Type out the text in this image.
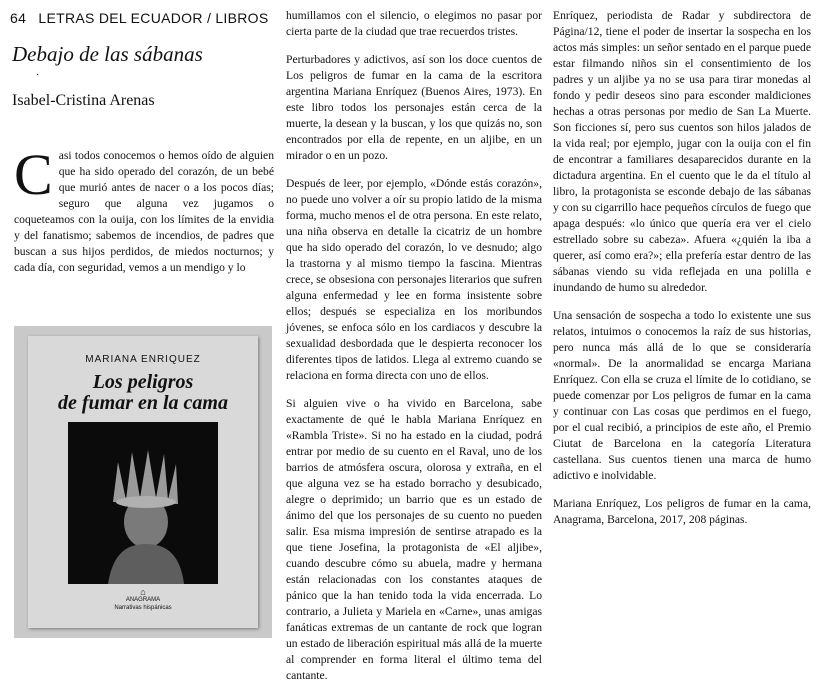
64 LETRAS DEL ECUADOR / LIBROS
Debajo de las sábanas
·
Isabel-Cristina Arenas

Casi todos conocemos o hemos oído de alguien que ha sido operado del corazón, de un bebé que murió antes de nacer o a los pocos días; seguro que alguna vez jugamos o coqueteamos con la ouija, con los límites de la envidia y del fanatismo; sabemos de incendios, de padres que buscan a sus hijos perdidos, de miedos nocturnos; y cada día, con seguridad, vemos a un mendigo y lo

MARIANA ENRIQUEZ
Los peligros
de fumar en la cama
⌂
ANAGRAMA
Narrativas hispánicas

humillamos con el silencio, o elegimos no pasar por cierta parte de la ciudad que trae recuerdos tristes.

Perturbadores y adictivos, así son los doce cuentos de Los peligros de fumar en la cama de la escritora argentina Mariana Enríquez (Buenos Aires, 1973). En este libro todos los personajes están cerca de la muerte, la desean y la buscan, y los que quizás no, son encontrados por ella de repente, en un aljibe, en un mirador o en un pozo.

Después de leer, por ejemplo, «Dónde estás corazón», no puede uno volver a oír su propio latido de la misma forma, mucho menos el de otra persona. En este relato, una niña observa en detalle la cicatriz de un hombre que ha sido operado del corazón, lo ve desnudo; algo la trastorna y al mismo tiempo la fascina. Mientras crece, se obsesiona con personajes literarios que sufren alguna enfermedad y lee en forma insistente sobre ellos; después se especializa en los moribundos jóvenes, se enfoca sólo en los cardiacos y descubre la sexualidad desbordada que le despierta reconocer los diferentes tipos de latidos. Llega al extremo cuando se relaciona en forma directa con uno de ellos.

Si alguien vive o ha vivido en Barcelona, sabe exactamente de qué le habla Mariana Enríquez en «Rambla Triste». Si no ha estado en la ciudad, podrá entrar por medio de su cuento en el Raval, uno de los barrios de atmósfera oscura, olorosa y extraña, en el que alguna vez se ha estado borracho y desubicado, alegre o deprimido; un barrio que es un estado de ánimo del que los personajes de su cuento no pueden salir. Esa misma impresión de sentirse atrapado es la que tiene Josefina, la protagonista de «El aljibe», cuando descubre cómo su abuela, madre y hermana están relacionadas con los constantes ataques de pánico que la han tenido toda la vida encerrada. Lo contrario, a Julieta y Mariela en «Carne», unas amigas fanáticas extremas de un cantante de rock que logran un estado de liberación espiritual más allá de la muerte al comprender en forma literal el último tema del cantante.

Enríquez, periodista de Radar y subdirectora de Página/12, tiene el poder de insertar la sospecha en los actos más simples: un señor sentado en el parque puede estar filmando niños sin el consentimiento de los padres y un aljibe ya no se usa para tirar monedas al fondo y pedir deseos sino para esconder maldiciones hechas a otras personas por medio de San La Muerte. Son ficciones sí, pero sus cuentos son hilos jalados de la vida real; por ejemplo, jugar con la ouija con el fin de encontrar a familiares desaparecidos durante en la dictadura argentina. En el cuento que le da el título al libro, la protagonista se esconde debajo de las sábanas y con su cigarrillo hace pequeños círculos de fuego que apaga después: «lo único que quería era ver el cielo estrellado sobre su cabeza». Afuera «¿quién la iba a querer, así como era?»; ella prefería estar dentro de las sábanas viendo su vida reflejada en una polilla e inundando de humo su alrededor.

Una sensación de sospecha a todo lo existente une sus relatos, intuimos o conocemos la raíz de sus historias, pero nunca más allá de lo que se consideraría «normal». De la anormalidad se encarga Mariana Enríquez. Con ella se cruza el límite de lo cotidiano, se puede comenzar por Los peligros de fumar en la cama y continuar con Las cosas que perdimos en el fuego, por el cual recibió, a principios de este año, el Premio Ciutat de Barcelona en la categoría Literatura castellana. Sus cuentos tienen una marca de humo adictivo e inolvidable.

Mariana Enríquez, Los peligros de fumar en la cama, Anagrama, Barcelona, 2017, 208 páginas.
